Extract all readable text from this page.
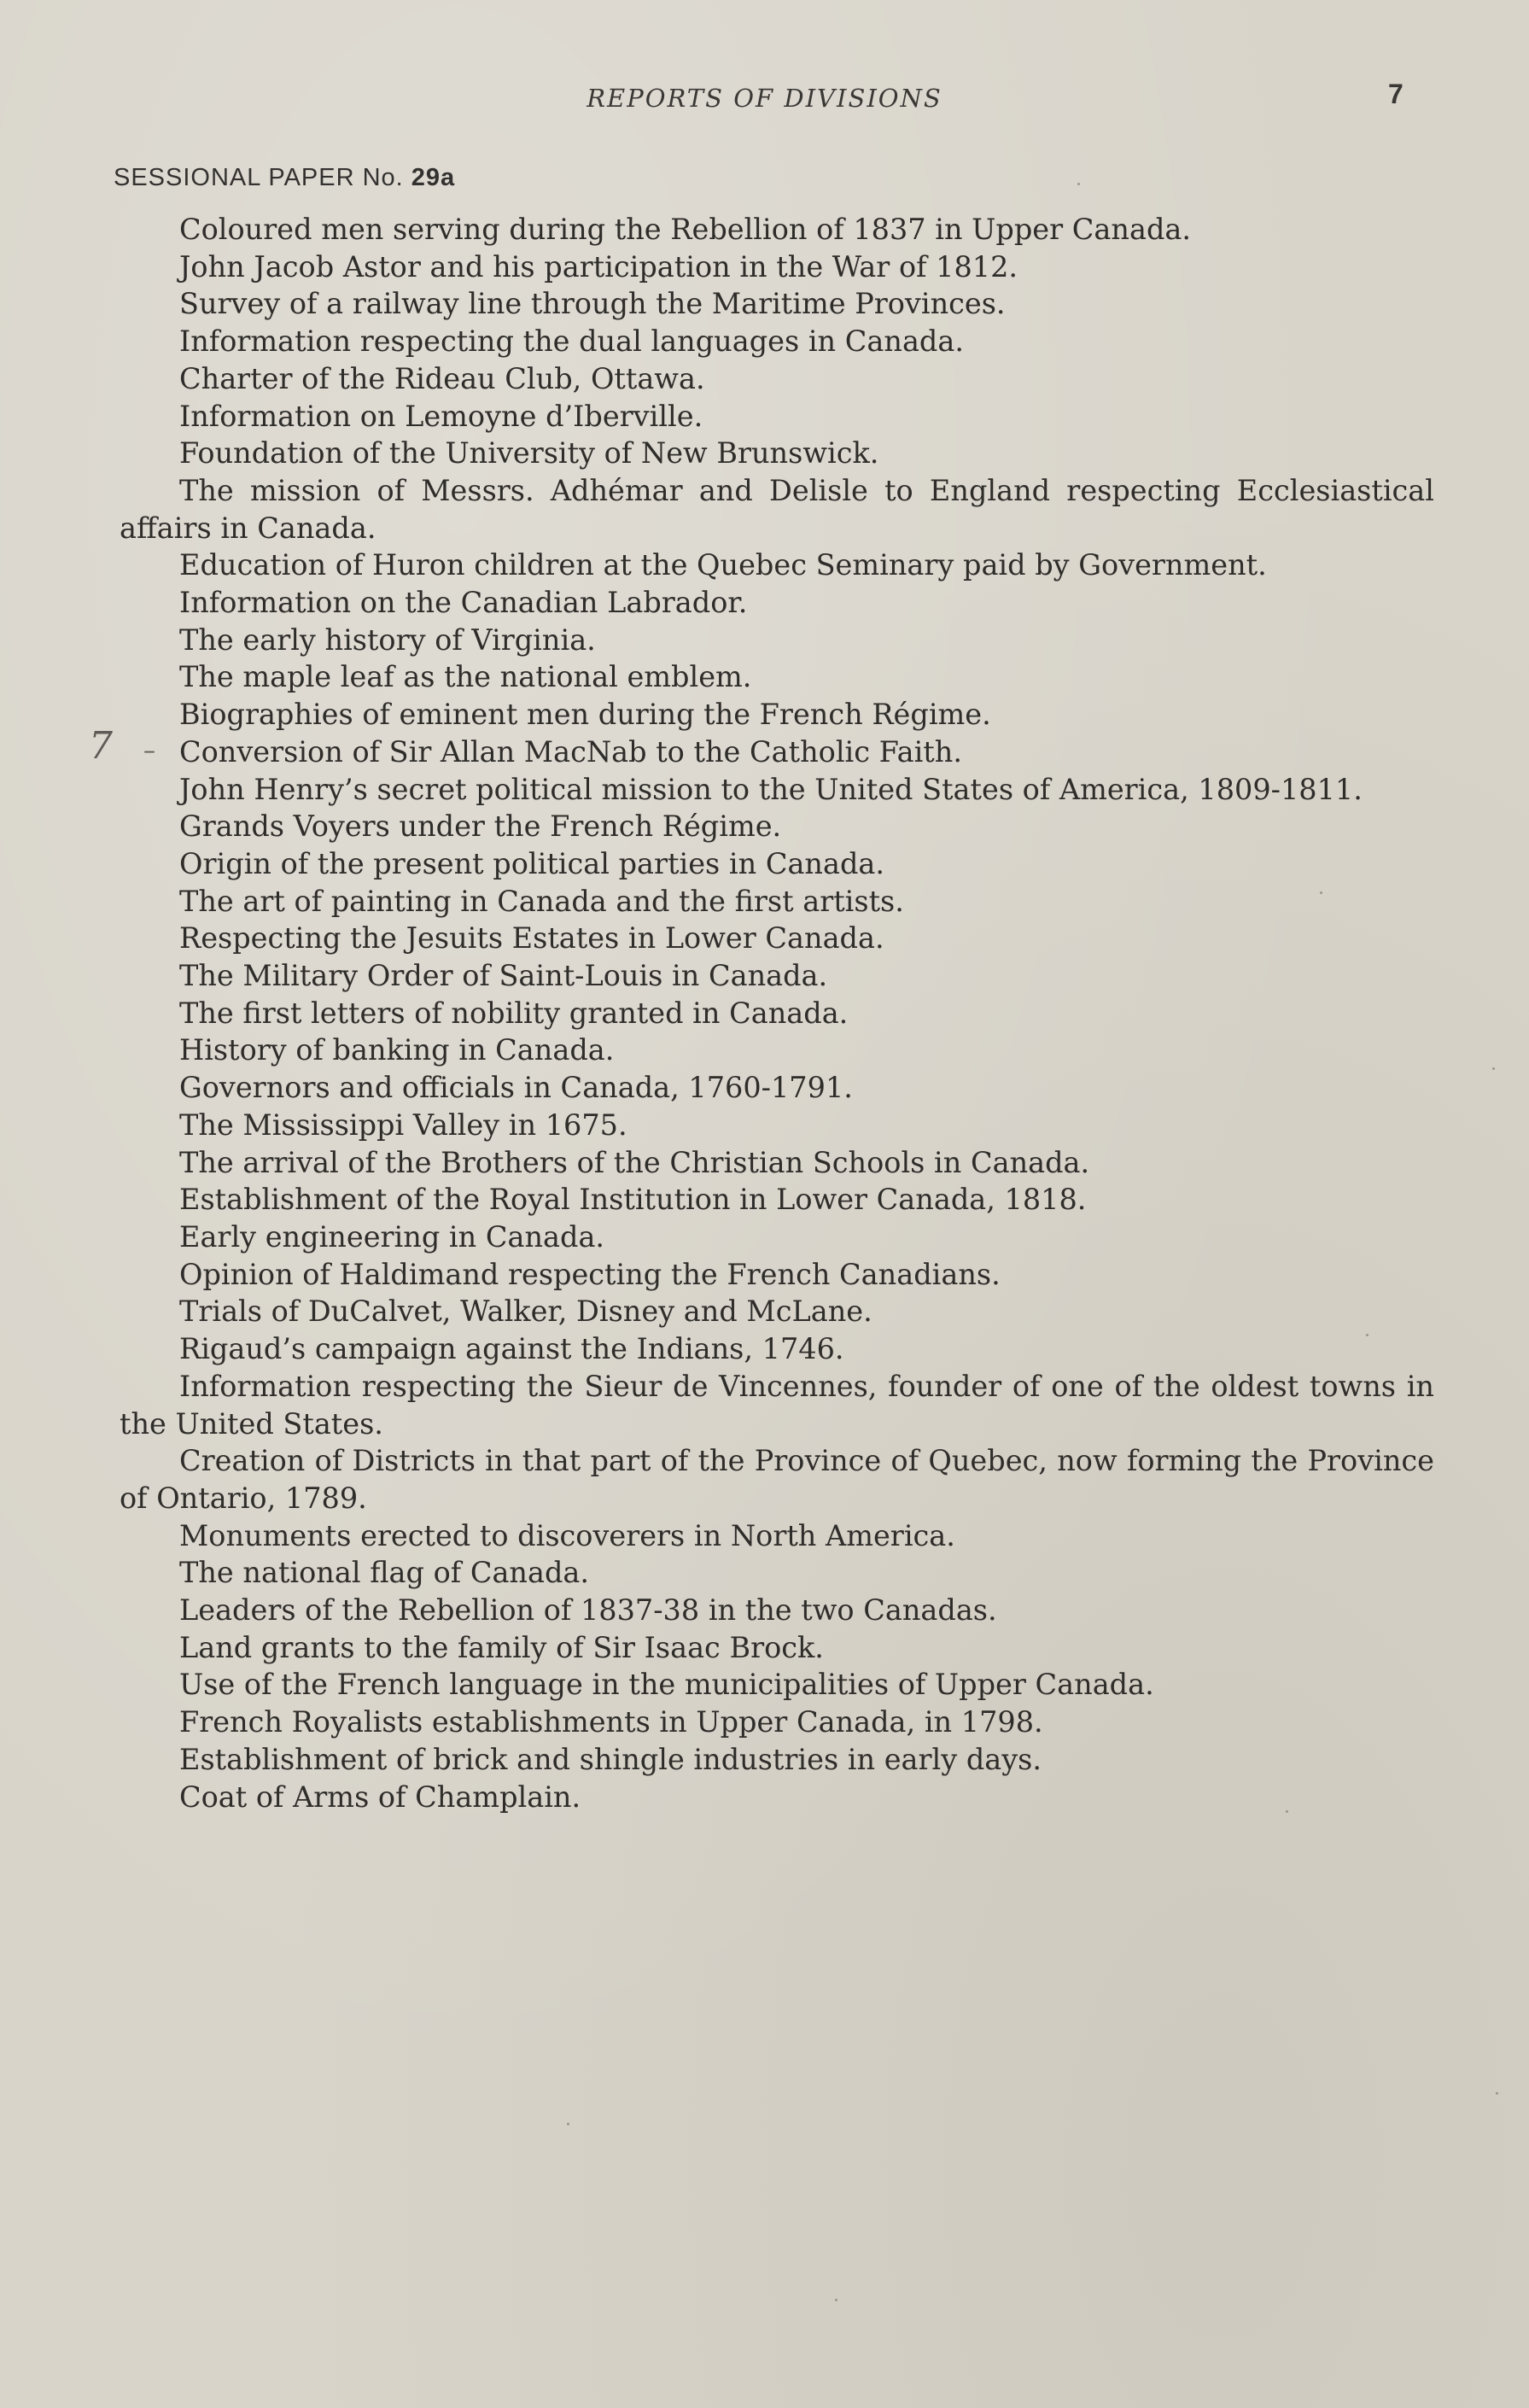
REPORTS OF DIVISIONS	7
SESSIONAL PAPER No. 29a
7 –
Coloured men serving during the Rebellion of 1837 in Upper Canada.
John Jacob Astor and his participation in the War of 1812.
Survey of a railway line through the Maritime Provinces.
Information respecting the dual languages in Canada.
Charter of the Rideau Club, Ottawa.
Information on Lemoyne d’Iberville.
Foundation of the University of New Brunswick.
The mission of Messrs. Adhémar and Delisle to England respecting Ecclesiastical affairs in Canada.
Education of Huron children at the Quebec Seminary paid by Government.
Information on the Canadian Labrador.
The early history of Virginia.
The maple leaf as the national emblem.
Biographies of eminent men during the French Régime.
Conversion of Sir Allan MacNab to the Catholic Faith.
John Henry’s secret political mission to the United States of America, 1809-1811.
Grands Voyers under the French Régime.
Origin of the present political parties in Canada.
The art of painting in Canada and the first artists.
Respecting the Jesuits Estates in Lower Canada.
The Military Order of Saint-Louis in Canada.
The first letters of nobility granted in Canada.
History of banking in Canada.
Governors and officials in Canada, 1760-1791.
The Mississippi Valley in 1675.
The arrival of the Brothers of the Christian Schools in Canada.
Establishment of the Royal Institution in Lower Canada, 1818.
Early engineering in Canada.
Opinion of Haldimand respecting the French Canadians.
Trials of DuCalvet, Walker, Disney and McLane.
Rigaud’s campaign against the Indians, 1746.
Information respecting the Sieur de Vincennes, founder of one of the oldest towns in the United States.
Creation of Districts in that part of the Province of Quebec, now forming the Province of Ontario, 1789.
Monuments erected to discoverers in North America.
The national flag of Canada.
Leaders of the Rebellion of 1837-38 in the two Canadas.
Land grants to the family of Sir Isaac Brock.
Use of the French language in the municipalities of Upper Canada.
French Royalists establishments in Upper Canada, in 1798.
Establishment of brick and shingle industries in early days.
Coat of Arms of Champlain.
